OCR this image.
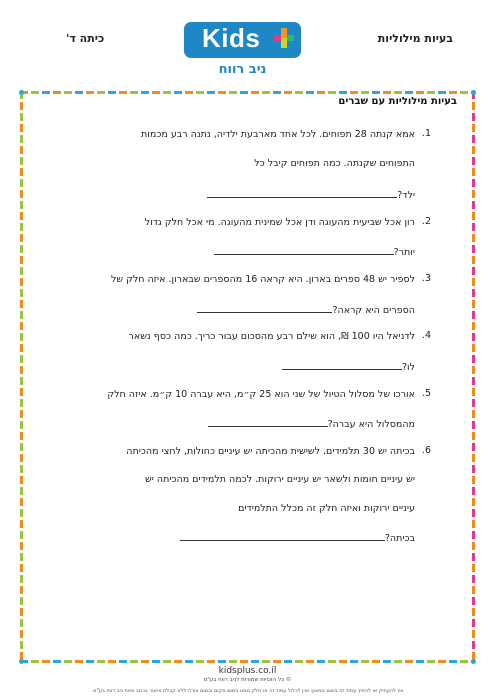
בעיות מילוליות
כיתה ד'	Kids
ניב רווח
בעיות מילוליות עם שברים
1.
אמא קנתה 28 תפוחים. לכל אחד מארבעת ילדיה, נתנה רבע מכמות
התפוחים שקנתה. כמה תפוחים קיבל כל
ילד?
2.
רון אכל שביעית מהעוגה ודן אכל שמינית מהעוגה. מי אכל חלק גדול
יותר?
3.
לספיר יש 48 ספרים בארון. היא קראה 16 מהספרים שבארון. איזה חלק של
הספרים היא קראה?
4.
לדניאל היו 100 ₪, הוא שילם רבע מהסכום עבור כריך. כמה כסף נשאר
לו?
5.
אורכו של מסלול הטיול של שני הוא 25 ק״מ, היא עברה 10 ק״מ. איזה חלק
מהמסלול היא עברה?
6.
בכיתה יש 30 תלמידים. לשישית מהכיתה יש עיניים כחולות, לחצי מהכיתה
יש עיניים חומות ולשאר יש עיניים ירוקות. לכמה תלמידים מהכיתה יש
עיניים ירוקות ואיזה חלק זה מכלל התלמידים
בכיתה?
kidsplus.co.il
© כל הזכויות שמורות לניב רווח בע"מ
אין להעתיק או להפיץ עמוד זה בשום אמצעי ואין לכלול עמוד זה או חלק ממנו בשום מקום ובשום צורה ללא קבלת אישור בכתב מאת ניב רווח בע"מ.
